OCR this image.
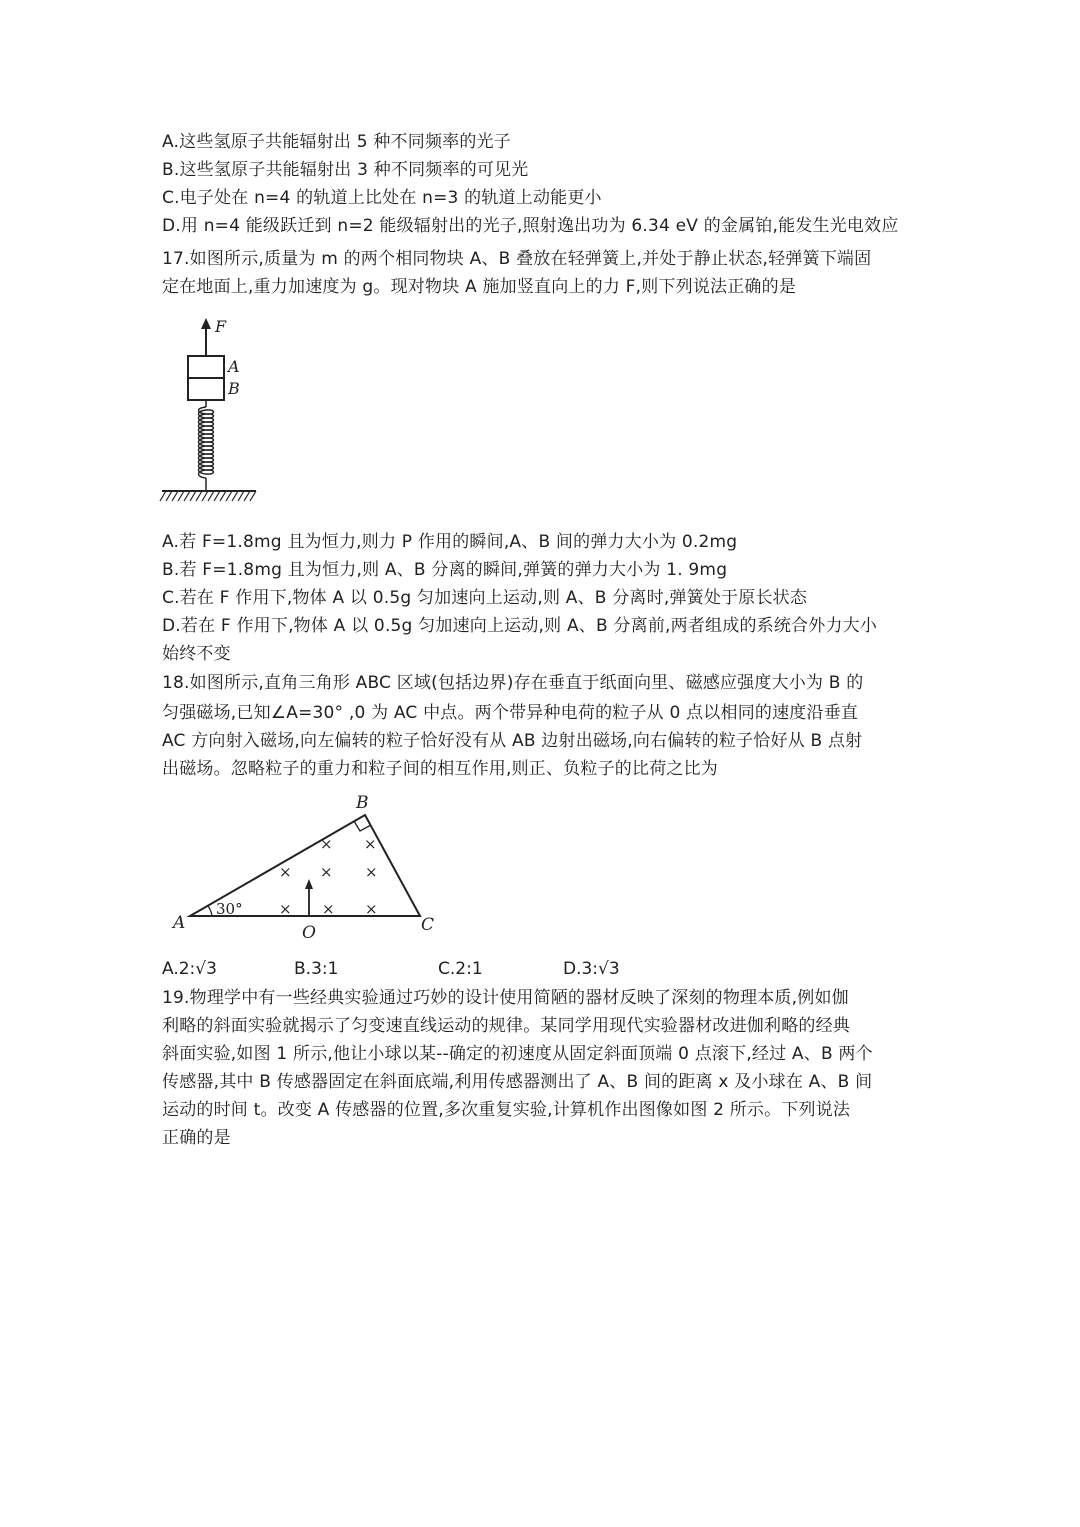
A.这些氢原子共能辐射出 5 种不同频率的光子
B.这些氢原子共能辐射出 3 种不同频率的可见光
C.电子处在 n=4 的轨道上比处在 n=3 的轨道上动能更小
D.用 n=4 能级跃迁到 n=2 能级辐射出的光子,照射逸出功为 6.34 eV 的金属铂,能发生光电效应
17.如图所示,质量为 m 的两个相同物块 A、B 叠放在轻弹簧上,并处于静止状态,轻弹簧下端固
定在地面上,重力加速度为 g。现对物块 A 施加竖直向上的力 F,则下列说法正确的是
F
A
B
A.若 F=1.8mg 且为恒力,则力 P 作用的瞬间,A、B 间的弹力大小为 0.2mg
B.若 F=1.8mg 且为恒力,则 A、B 分离的瞬间,弹簧的弹力大小为 1. 9mg
C.若在 F 作用下,物体 A 以 0.5g 匀加速向上运动,则 A、B 分离时,弹簧处于原长状态
D.若在 F 作用下,物体 A 以 0.5g 匀加速向上运动,则 A、B 分离前,两者组成的系统合外力大小
始终不变
18.如图所示,直角三角形 ABC 区域(包括边界)存在垂直于纸面向里、磁感应强度大小为 B 的
匀强磁场,已知∠A=30° ,0 为 AC 中点。两个带异种电荷的粒子从 0 点以相同的速度沿垂直
AC 方向射入磁场,向左偏转的粒子恰好没有从 AB 边射出磁场,向右偏转的粒子恰好从 B 点射
出磁场。忽略粒子的重力和粒子间的相互作用,则正、负粒子的比荷之比为
30°
A
B
C
O
× ×
× × ×
× × ×
A.2:√3	B.3:1	C.2:1	D.3:√3
19.物理学中有一些经典实验通过巧妙的设计使用简陋的器材反映了深刻的物理本质,例如伽
利略的斜面实验就揭示了匀变速直线运动的规律。某同学用现代实验器材改进伽利略的经典
斜面实验,如图 1 所示,他让小球以某--确定的初速度从固定斜面顶端 0 点滚下,经过 A、B 两个
传感器,其中 B 传感器固定在斜面底端,利用传感器测出了 A、B 间的距离 x 及小球在 A、B 间
运动的时间 t。改变 A 传感器的位置,多次重复实验,计算机作出图像如图 2 所示。下列说法
正确的是
